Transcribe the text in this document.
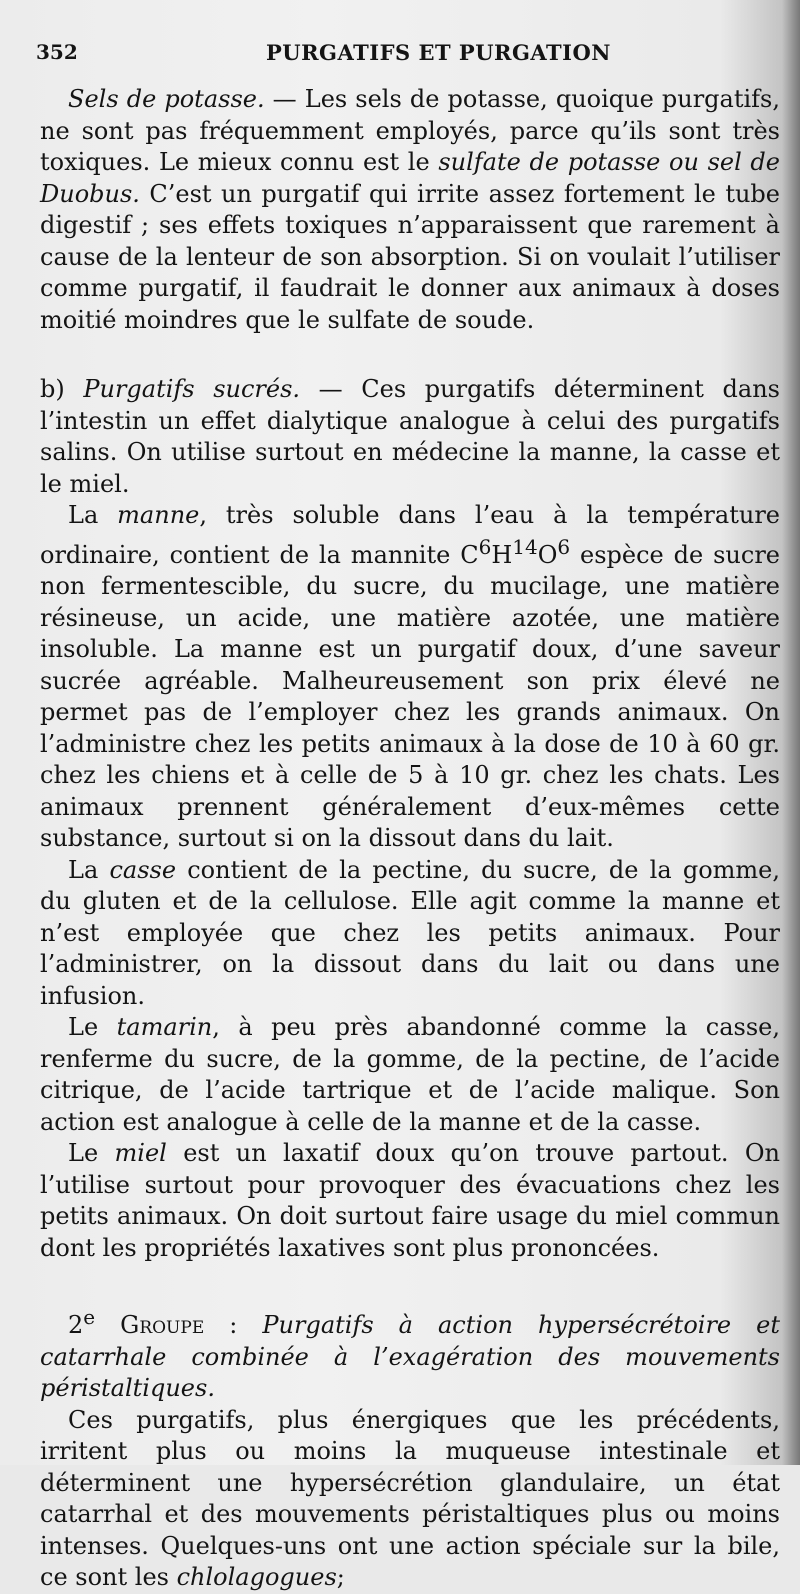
352	PURGATIFS ET PURGATION

Sels de potasse. — Les sels de potasse, quoique purgatifs, ne sont pas fréquemment employés, parce qu’ils sont très toxiques. Le mieux connu est le sulfate de potasse ou sel de Duobus. C’est un purgatif qui irrite assez fortement le tube digestif ; ses effets toxiques n’apparaissent que rarement à cause de la lenteur de son absorption. Si on voulait l’utiliser comme purgatif, il faudrait le donner aux animaux à doses moitié moindres que le sulfate de soude.

b) Purgatifs sucrés. — Ces purgatifs déterminent dans l’intestin un effet dialytique analogue à celui des purgatifs salins. On utilise surtout en médecine la manne, la casse et le miel.

La manne, très soluble dans l’eau à la température ordinaire, contient de la mannite $C^6H^{14}O^6$ espèce de sucre non fermentescible, du sucre, du mucilage, une matière résineuse, un acide, une matière azotée, une matière insoluble. La manne est un purgatif doux, d’une saveur sucrée agréable. Malheureusement son prix élevé ne permet pas de l’employer chez les grands animaux. On l’administre chez les petits animaux à la dose de 10 à 60 gr. chez les chiens et à celle de 5 à 10 gr. chez les chats. Les animaux prennent généralement d’eux-mêmes cette substance, surtout si on la dissout dans du lait.

La casse contient de la pectine, du sucre, de la gomme, du gluten et de la cellulose. Elle agit comme la manne et n’est employée que chez les petits animaux. Pour l’administrer, on la dissout dans du lait ou dans une infusion.

Le tamarin, à peu près abandonné comme la casse, renferme du sucre, de la gomme, de la pectine, de l’acide citrique, de l’acide tartrique et de l’acide malique. Son action est analogue à celle de la manne et de la casse.

Le miel est un laxatif doux qu’on trouve partout. On l’utilise surtout pour provoquer des évacuations chez les petits animaux. On doit surtout faire usage du miel commun dont les propriétés laxatives sont plus prononcées.

2e Groupe : Purgatifs à action hypersécrétoire et catarrhale combinée à l’exagération des mouvements péristaltiques.

Ces purgatifs, plus énergiques que les précédents, irritent plus ou moins la muqueuse intestinale et déterminent une hypersécrétion glandulaire, un état catarrhal et des mouvements péristaltiques plus ou moins intenses. Quelques-uns ont une action spéciale sur la bile, ce sont les chlolagogues;
